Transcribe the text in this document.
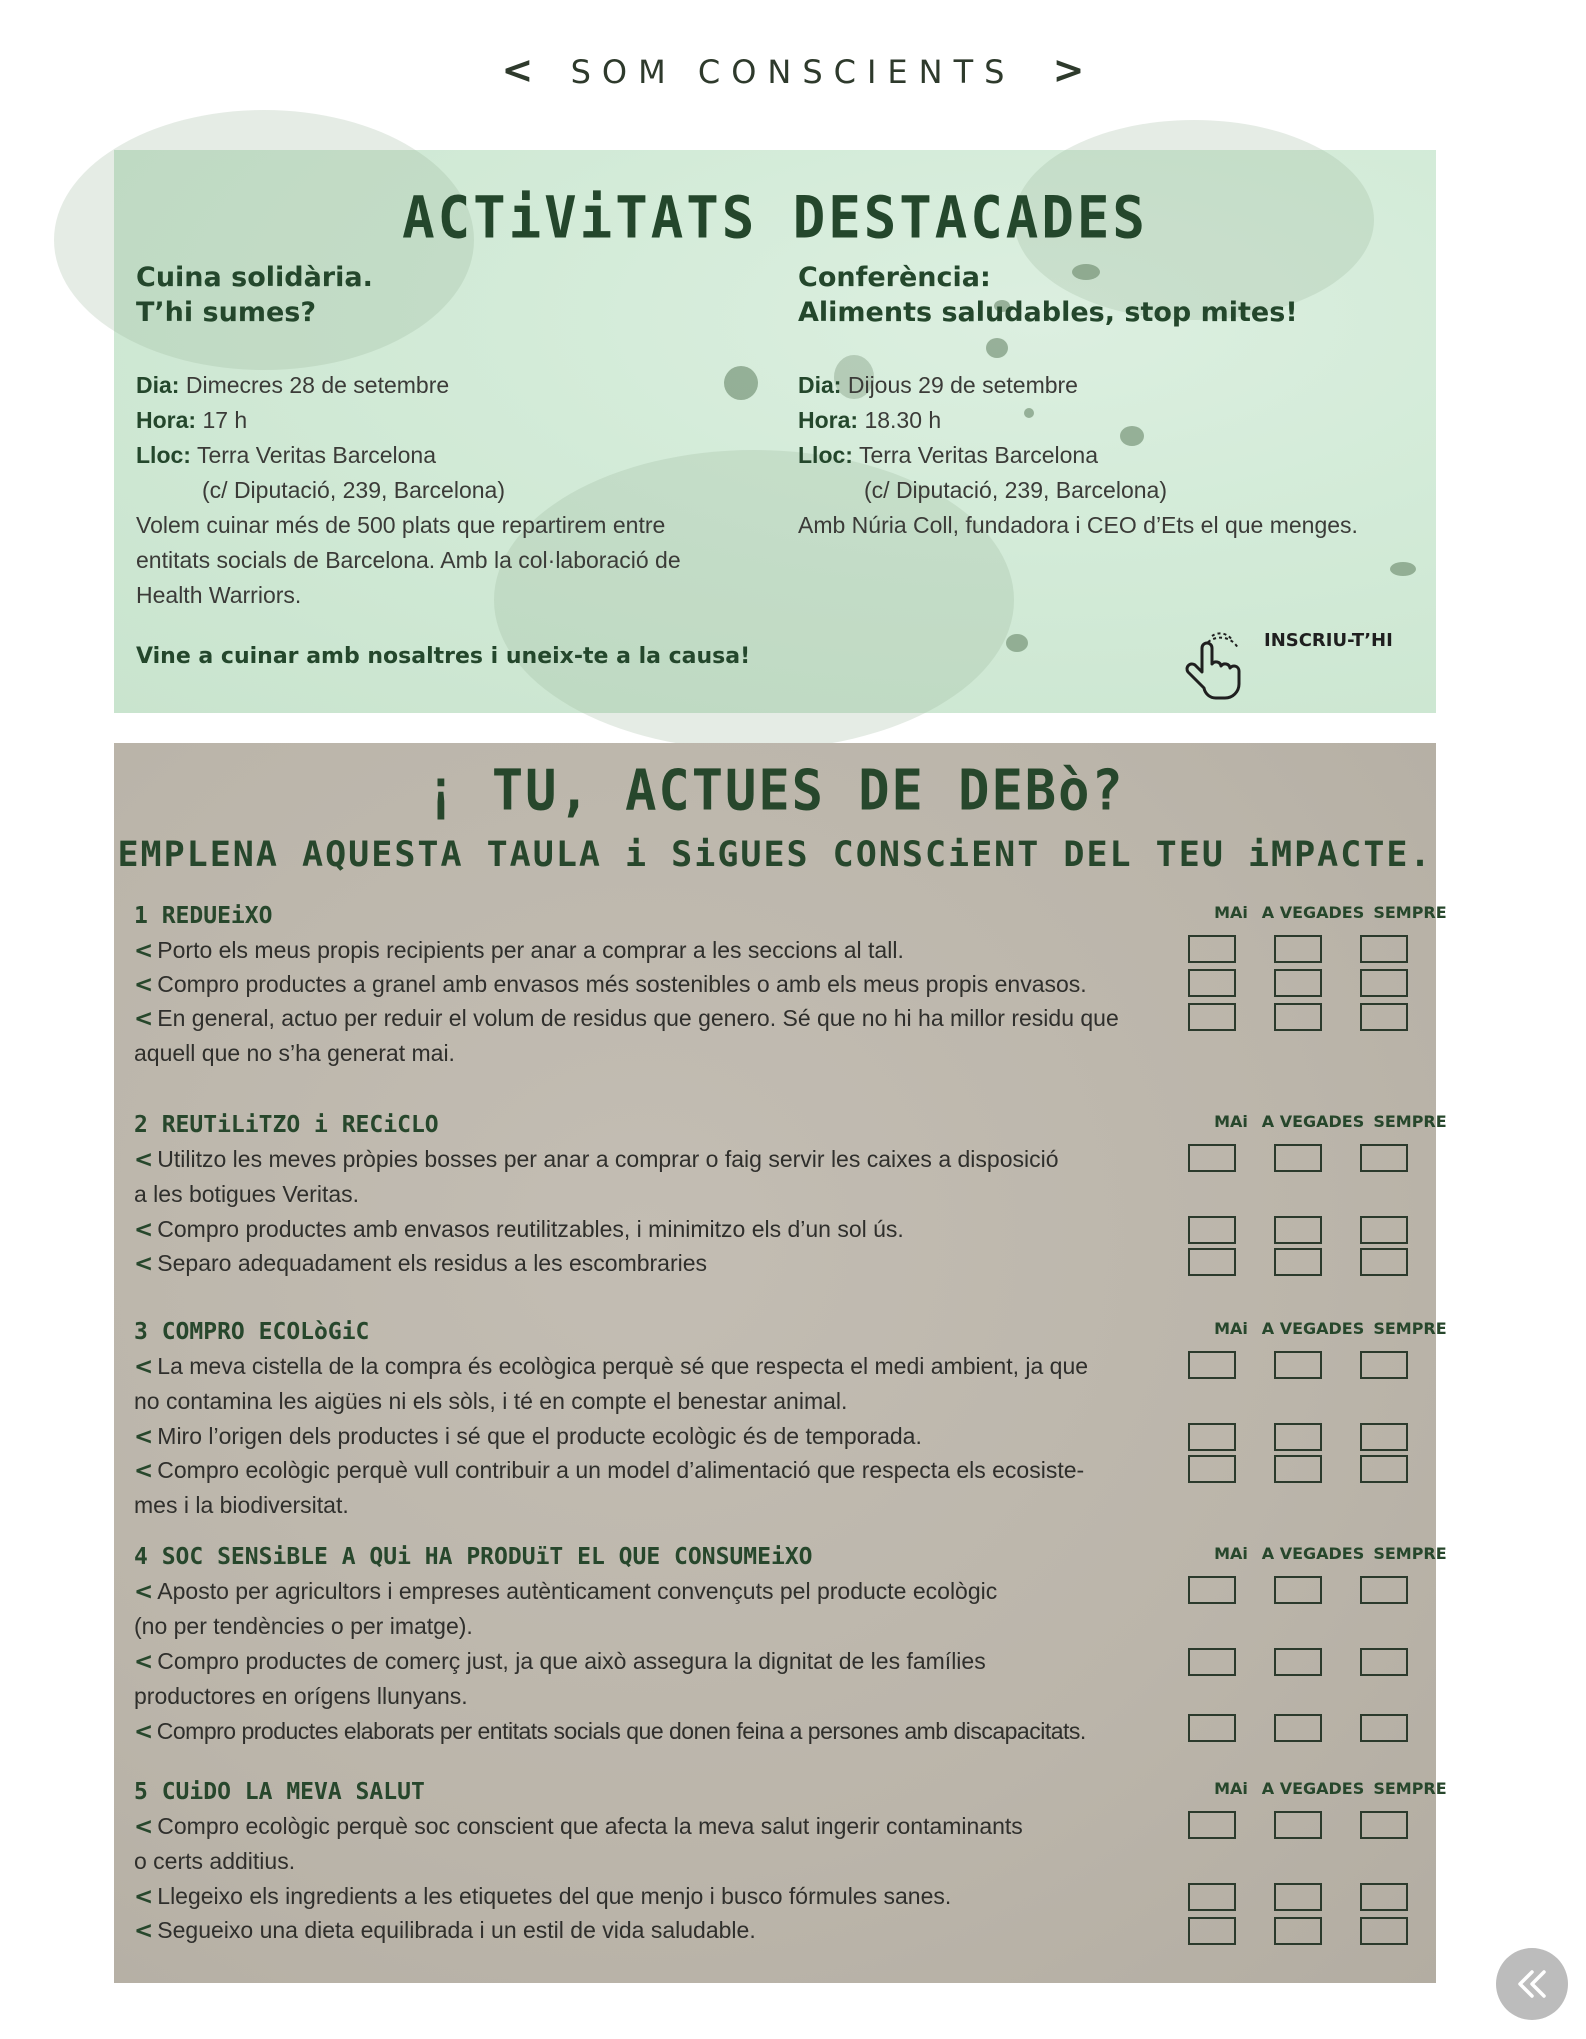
< SOM CONSCIENTS >
ACTiViTATS DESTACADES
Cuina solidària.
T’hi sumes?
Dia: Dimecres 28 de setembre
Hora: 17 h
Lloc: Terra Veritas Barcelona
(c/ Diputació, 239, Barcelona)
Volem cuinar més de 500 plats que repartirem entre
entitats socials de Barcelona. Amb la col·laboració de
Health Warriors.
Vine a cuinar amb nosaltres i uneix-te a la causa!
Conferència:
Aliments saludables, stop mites!
Dia: Dijous 29 de setembre
Hora: 18.30 h
Lloc: Terra Veritas Barcelona
(c/ Diputació, 239, Barcelona)
Amb Núria Coll, fundadora i CEO d’Ets el que menges.
INSCRIU-T’HI
¡ TU, ACTUES DE DEBò?
EMPLENA AQUESTA TAULA i SiGUES CONSCiENT DEL TEU iMPACTE.
1 REDUEiXO	MAi A VEGADES SEMPRE
< Porto els meus propis recipients per anar a comprar a les seccions al tall.
< Compro productes a granel amb envasos més sostenibles o amb els meus propis envasos.
< En general, actuo per reduir el volum de residus que genero. Sé que no hi ha millor residu que
aquell que no s’ha generat mai.
2 REUTiLiTZO i RECiCLO	MAi A VEGADES SEMPRE
< Utilitzo les meves pròpies bosses per anar a comprar o faig servir les caixes a disposició
a les botigues Veritas.
< Compro productes amb envasos reutilitzables, i minimitzo els d’un sol ús.
< Separo adequadament els residus a les escombraries
3 COMPRO ECOLòGiC	MAi A VEGADES SEMPRE
< La meva cistella de la compra és ecològica perquè sé que respecta el medi ambient, ja que
no contamina les aigües ni els sòls, i té en compte el benestar animal.
< Miro l’origen dels productes i sé que el producte ecològic és de temporada.
< Compro ecològic perquè vull contribuir a un model d’alimentació que respecta els ecosiste-
mes i la biodiversitat.
4 SOC SENSiBLE A QUi HA PRODUïT EL QUE CONSUMEiXO	MAi A VEGADES SEMPRE
< Aposto per agricultors i empreses autènticament convençuts pel producte ecològic
(no per tendències o per imatge).
< Compro productes de comerç just, ja que això assegura la dignitat de les famílies
productores en orígens llunyans.
< Compro productes elaborats per entitats socials que donen feina a persones amb discapacitats.
5 CUiDO LA MEVA SALUT	MAi A VEGADES SEMPRE
< Compro ecològic perquè soc conscient que afecta la meva salut ingerir contaminants
o certs additius.
< Llegeixo els ingredients a les etiquetes del que menjo i busco fórmules sanes.
< Segueixo una dieta equilibrada i un estil de vida saludable.
